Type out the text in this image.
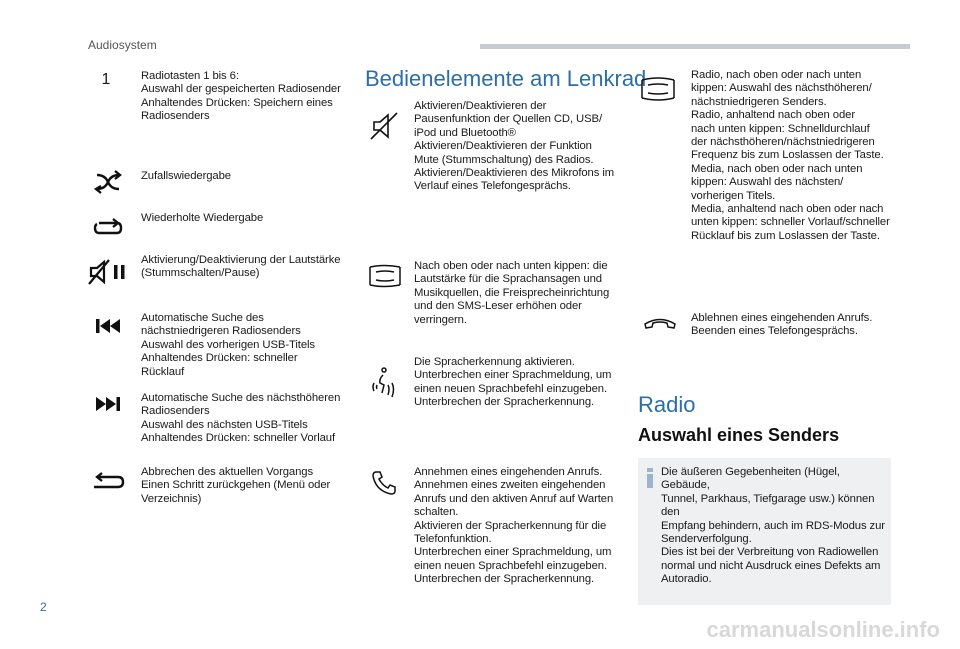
Audiosystem
1	Radiotasten 1 bis 6:
Auswahl der gespeicherten Radiosender
Anhaltendes Drücken: Speichern eines
Radiosenders
Zufallswiedergabe
Wiederholte Wiedergabe
Aktivierung/Deaktivierung der Lautstärke
(Stummschalten/Pause)
Automatische Suche des
nächstniedrigeren Radiosenders
Auswahl des vorherigen USB-Titels
Anhaltendes Drücken: schneller
Rücklauf
Automatische Suche des nächsthöheren
Radiosenders
Auswahl des nächsten USB-Titels
Anhaltendes Drücken: schneller Vorlauf
Abbrechen des aktuellen Vorgangs
Einen Schritt zurückgehen (Menü oder
Verzeichnis)
Bedienelemente am Lenkrad
Aktivieren/Deaktivieren der
Pausenfunktion der Quellen CD, USB/
iPod und Bluetooth®
Aktivieren/Deaktivieren der Funktion
Mute (Stummschaltung) des Radios.
Aktivieren/Deaktivieren des Mikrofons im
Verlauf eines Telefongesprächs.
Nach oben oder nach unten kippen: die
Lautstärke für die Sprachansagen und
Musikquellen, die Freisprecheinrichtung
und den SMS-Leser erhöhen oder
verringern.
Die Spracherkennung aktivieren.
Unterbrechen einer Sprachmeldung, um
einen neuen Sprachbefehl einzugeben.
Unterbrechen der Spracherkennung.
Annehmen eines eingehenden Anrufs.
Annehmen eines zweiten eingehenden
Anrufs und den aktiven Anruf auf Warten
schalten.
Aktivieren der Spracherkennung für die
Telefonfunktion.
Unterbrechen einer Sprachmeldung, um
einen neuen Sprachbefehl einzugeben.
Unterbrechen der Spracherkennung.
Radio, nach oben oder nach unten
kippen: Auswahl des nächsthöheren/
nächstniedrigeren Senders.
Radio, anhaltend nach oben oder
nach unten kippen: Schnelldurchlauf
der nächsthöheren/nächstniedrigeren
Frequenz bis zum Loslassen der Taste.
Media, nach oben oder nach unten
kippen: Auswahl des nächsten/
vorherigen Titels.
Media, anhaltend nach oben oder nach
unten kippen: schneller Vorlauf/schneller
Rücklauf bis zum Loslassen der Taste.
Ablehnen eines eingehenden Anrufs.
Beenden eines Telefongesprächs.
Radio
Auswahl eines Senders
Die äußeren Gegebenheiten (Hügel, Gebäude,
Tunnel, Parkhaus, Tiefgarage usw.) können den
Empfang behindern, auch im RDS-Modus zur
Senderverfolgung.
Dies ist bei der Verbreitung von Radiowellen
normal und nicht Ausdruck eines Defekts am
Autoradio.
2
carmanualsonline.info
